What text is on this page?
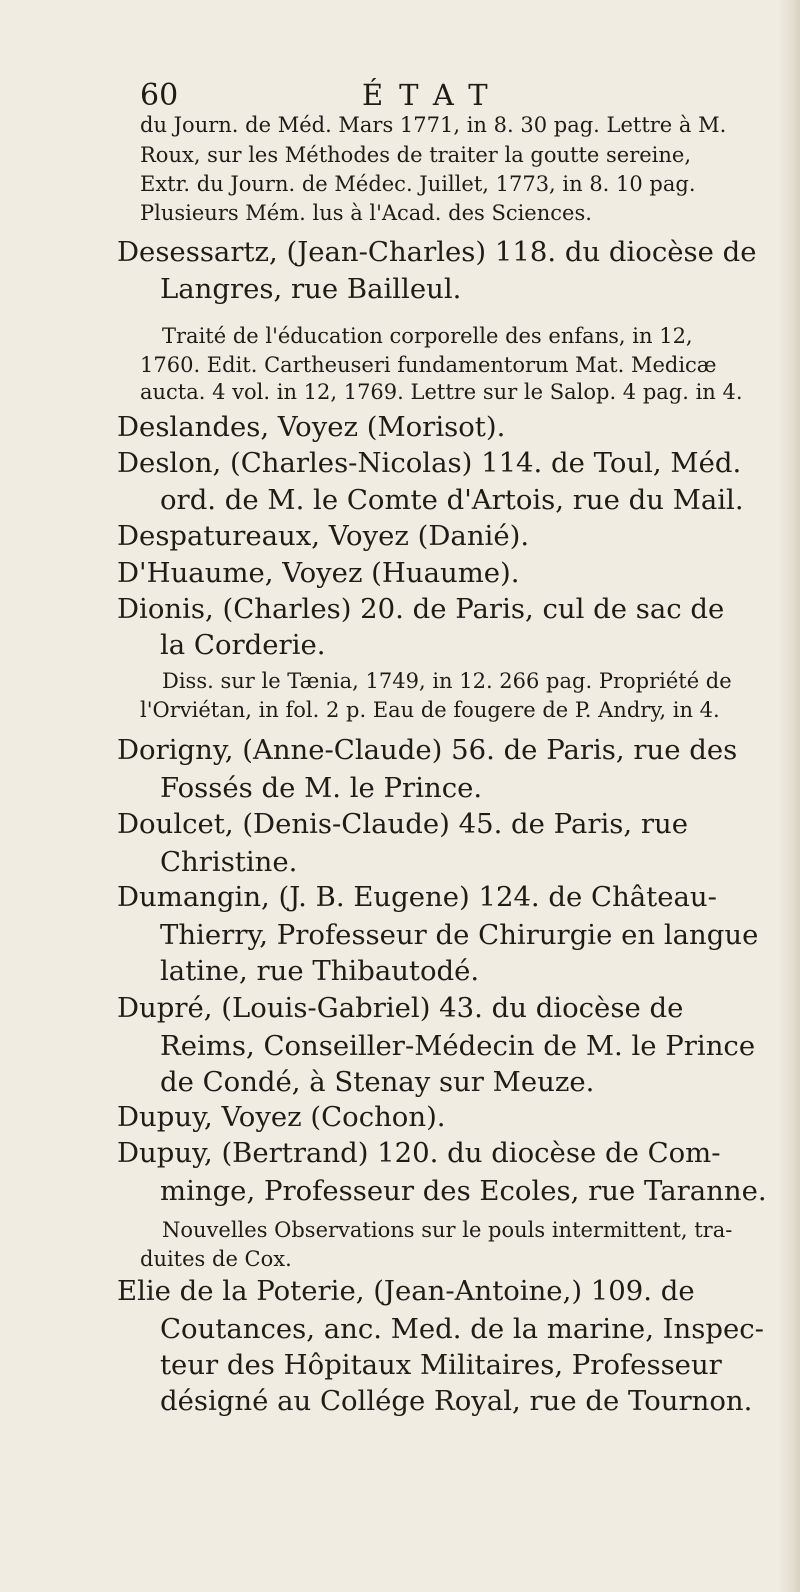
60	ÉTAT
du Journ. de Méd. Mars 1771, in 8. 30 pag. Lettre à M.
Roux, sur les Méthodes de traiter la goutte sereine,
Extr. du Journ. de Médec. Juillet, 1773, in 8. 10 pag.
Plusieurs Mém. lus à l'Acad. des Sciences.
Desessartz, (Jean-Charles) 118. du diocèse de
Langres, rue Bailleul.
Traité de l'éducation corporelle des enfans, in 12,
1760. Edit. Cartheuseri fundamentorum Mat. Medicæ
aucta. 4 vol. in 12, 1769. Lettre sur le Salop. 4 pag. in 4.
Deslandes, Voyez (Morisot).
Deslon, (Charles-Nicolas) 114. de Toul, Méd.
ord. de M. le Comte d'Artois, rue du Mail.
Despatureaux, Voyez (Danié).
D'Huaume, Voyez (Huaume).
Dionis, (Charles) 20. de Paris, cul de sac de
la Corderie.
Diss. sur le Tænia, 1749, in 12. 266 pag. Propriété de
l'Orviétan, in fol. 2 p. Eau de fougere de P. Andry, in 4.
Dorigny, (Anne-Claude) 56. de Paris, rue des
Fossés de M. le Prince.
Doulcet, (Denis-Claude) 45. de Paris, rue
Christine.
Dumangin, (J. B. Eugene) 124. de Château-
Thierry, Professeur de Chirurgie en langue
latine, rue Thibautodé.
Dupré, (Louis-Gabriel) 43. du diocèse de
Reims, Conseiller-Médecin de M. le Prince
de Condé, à Stenay sur Meuze.
Dupuy, Voyez (Cochon).
Dupuy, (Bertrand) 120. du diocèse de Com-
minge, Professeur des Ecoles, rue Taranne.
Nouvelles Observations sur le pouls intermittent, tra-
duites de Cox.
Elie de la Poterie, (Jean-Antoine,) 109. de
Coutances, anc. Med. de la marine, Inspec-
teur des Hôpitaux Militaires, Professeur
désigné au Collége Royal, rue de Tournon.
